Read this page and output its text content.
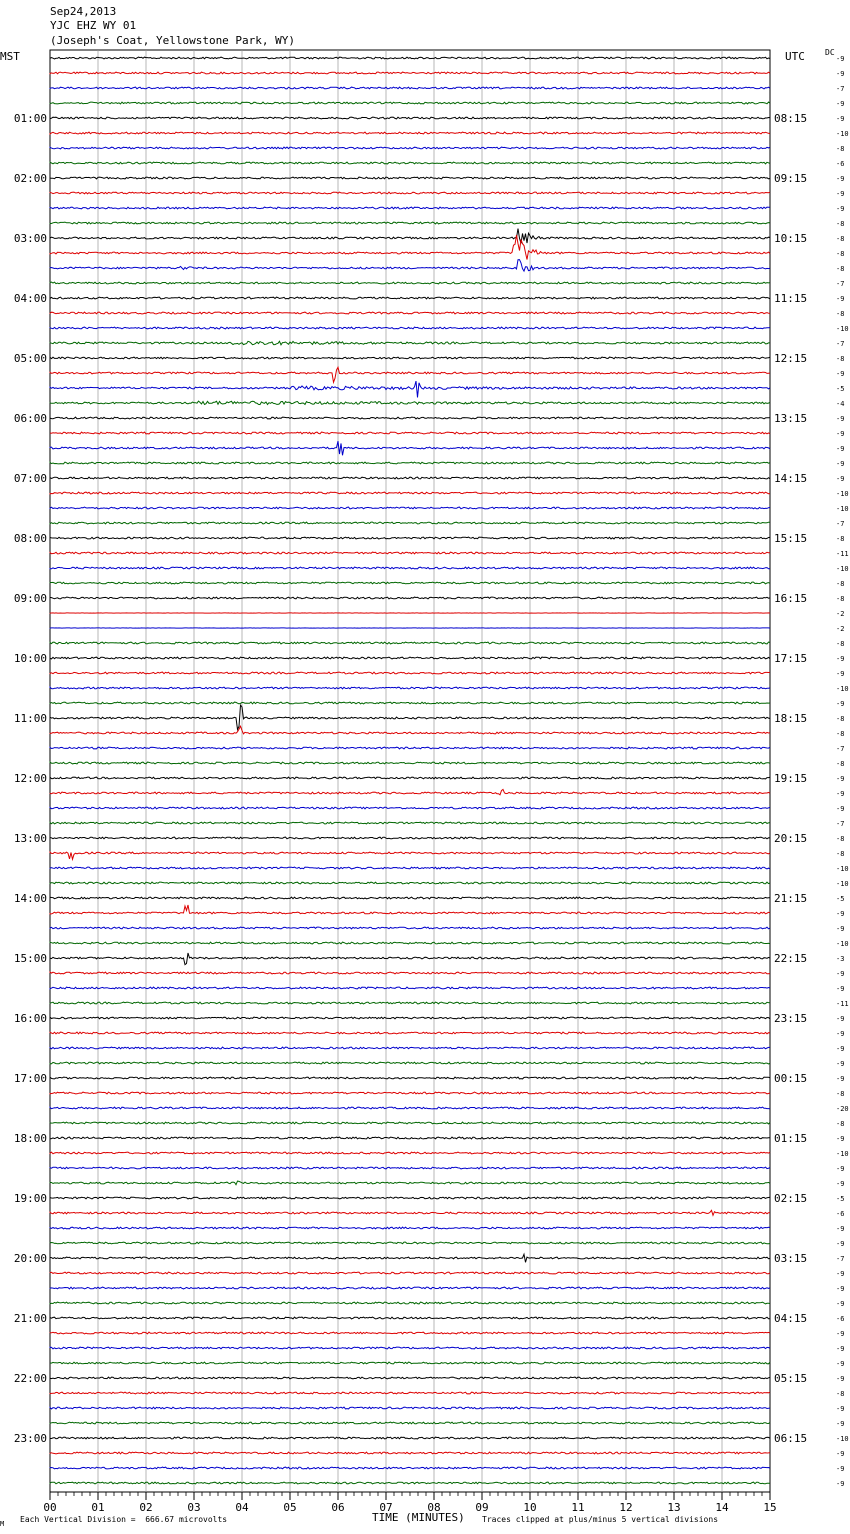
Sep24,2013
YJC EHZ WY 01
(Joseph's Coat, Yellowstone Park, WY)
MST	UTC	DC
-9
-9
-7
-9
-9
-10
-8
-6
-9
-9
-9
-8
-8
-8
-8
-7
-9
-8
-10
-7
-8
-9
-5
-4
-9
-9
-9
-9
-9
-10
-10
-7
-8
-11
-10
-8
-8
-2
-2
-8
-9
-9
-10
-9
-8
-8
-7
-8
-9
-9
-9
-7
-8
-8
-10
-10
-5
-9
-9
-10
-3
-9
-9
-11
-9
-9
-9
-9
-9
-8
-20
-8
-9
-10
-9
-9
-5
-6
-9
-9
-7
-9
-9
-9
-6
-9
-9
-9
-9
-8
-9
-9
-10
-9
-9
-9
01:00
02:00
03:00
04:00
05:00
06:00
07:00
08:00
09:00
10:00
11:00
12:00
13:00
14:00
15:00
16:00
17:00
18:00
19:00
20:00
21:00
22:00
23:00
08:15
09:15
10:15
11:15
12:15
13:15
14:15
15:15
16:15
17:15
18:15
19:15
20:15
21:15
22:15
23:15
00:15
01:15
02:15
03:15
04:15
05:15
06:15
00	01	02	03	04	05	06	07	08	09	10	11	12	13	14	15
TIME (MINUTES)
Each Vertical Division =  666.67 microvolts	Traces clipped at plus/minus 5 vertical divisions
M
